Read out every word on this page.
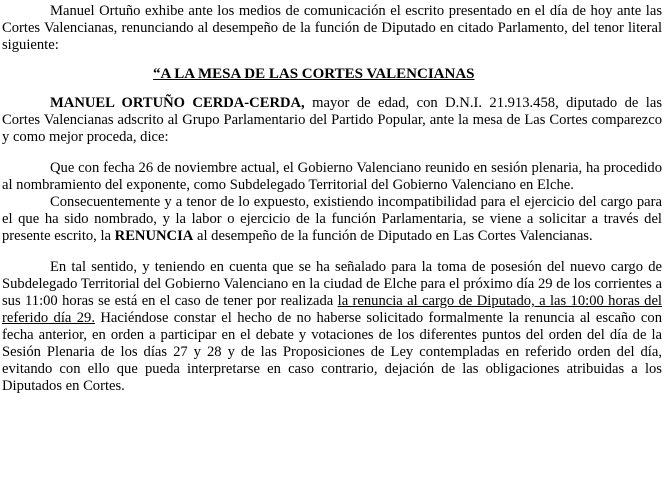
Manuel Ortuño exhibe ante los medios de comunicación el escrito presentado en el día de hoy ante las Cortes Valencianas, renunciando al desempeño de la función de Diputado en citado Parlamento, del tenor literal siguiente:

“A LA MESA DE LAS CORTES VALENCIANAS

MANUEL ORTUÑO CERDA-CERDA, mayor de edad, con D.N.I. 21.913.458, diputado de las Cortes Valencianas adscrito al Grupo Parlamentario del Partido Popular, ante la mesa de Las Cortes comparezco y como mejor proceda, dice:

Que con fecha 26 de noviembre actual, el Gobierno Valenciano reunido en sesión plenaria, ha procedido al nombramiento del exponente, como Subdelegado Territorial del Gobierno Valenciano en Elche.

Consecuentemente y a tenor de lo expuesto, existiendo incompatibilidad para el ejercicio del cargo para el que ha sido nombrado, y la labor o ejercicio de la función Parlamentaria, se viene a solicitar a través del presente escrito, la RENUNCIA al desempeño de la función de Diputado en Las Cortes Valencianas.

En tal sentido, y teniendo en cuenta que se ha señalado para la toma de posesión del nuevo cargo de Subdelegado Territorial del Gobierno Valenciano en la ciudad de Elche para el próximo día 29 de los corrientes a sus 11:00 horas se está en el caso de tener por realizada la renuncia al cargo de Diputado, a las 10:00 horas del referido día 29. Haciéndose constar el hecho de no haberse solicitado formalmente la renuncia al escaño con fecha anterior, en orden a participar en el debate y votaciones de los diferentes puntos del orden del día de la Sesión Plenaria de los días 27 y 28 y de las Proposiciones de Ley contempladas en referido orden del día, evitando con ello que pueda interpretarse en caso contrario, dejación de las obligaciones atribuidas a los Diputados en Cortes.
